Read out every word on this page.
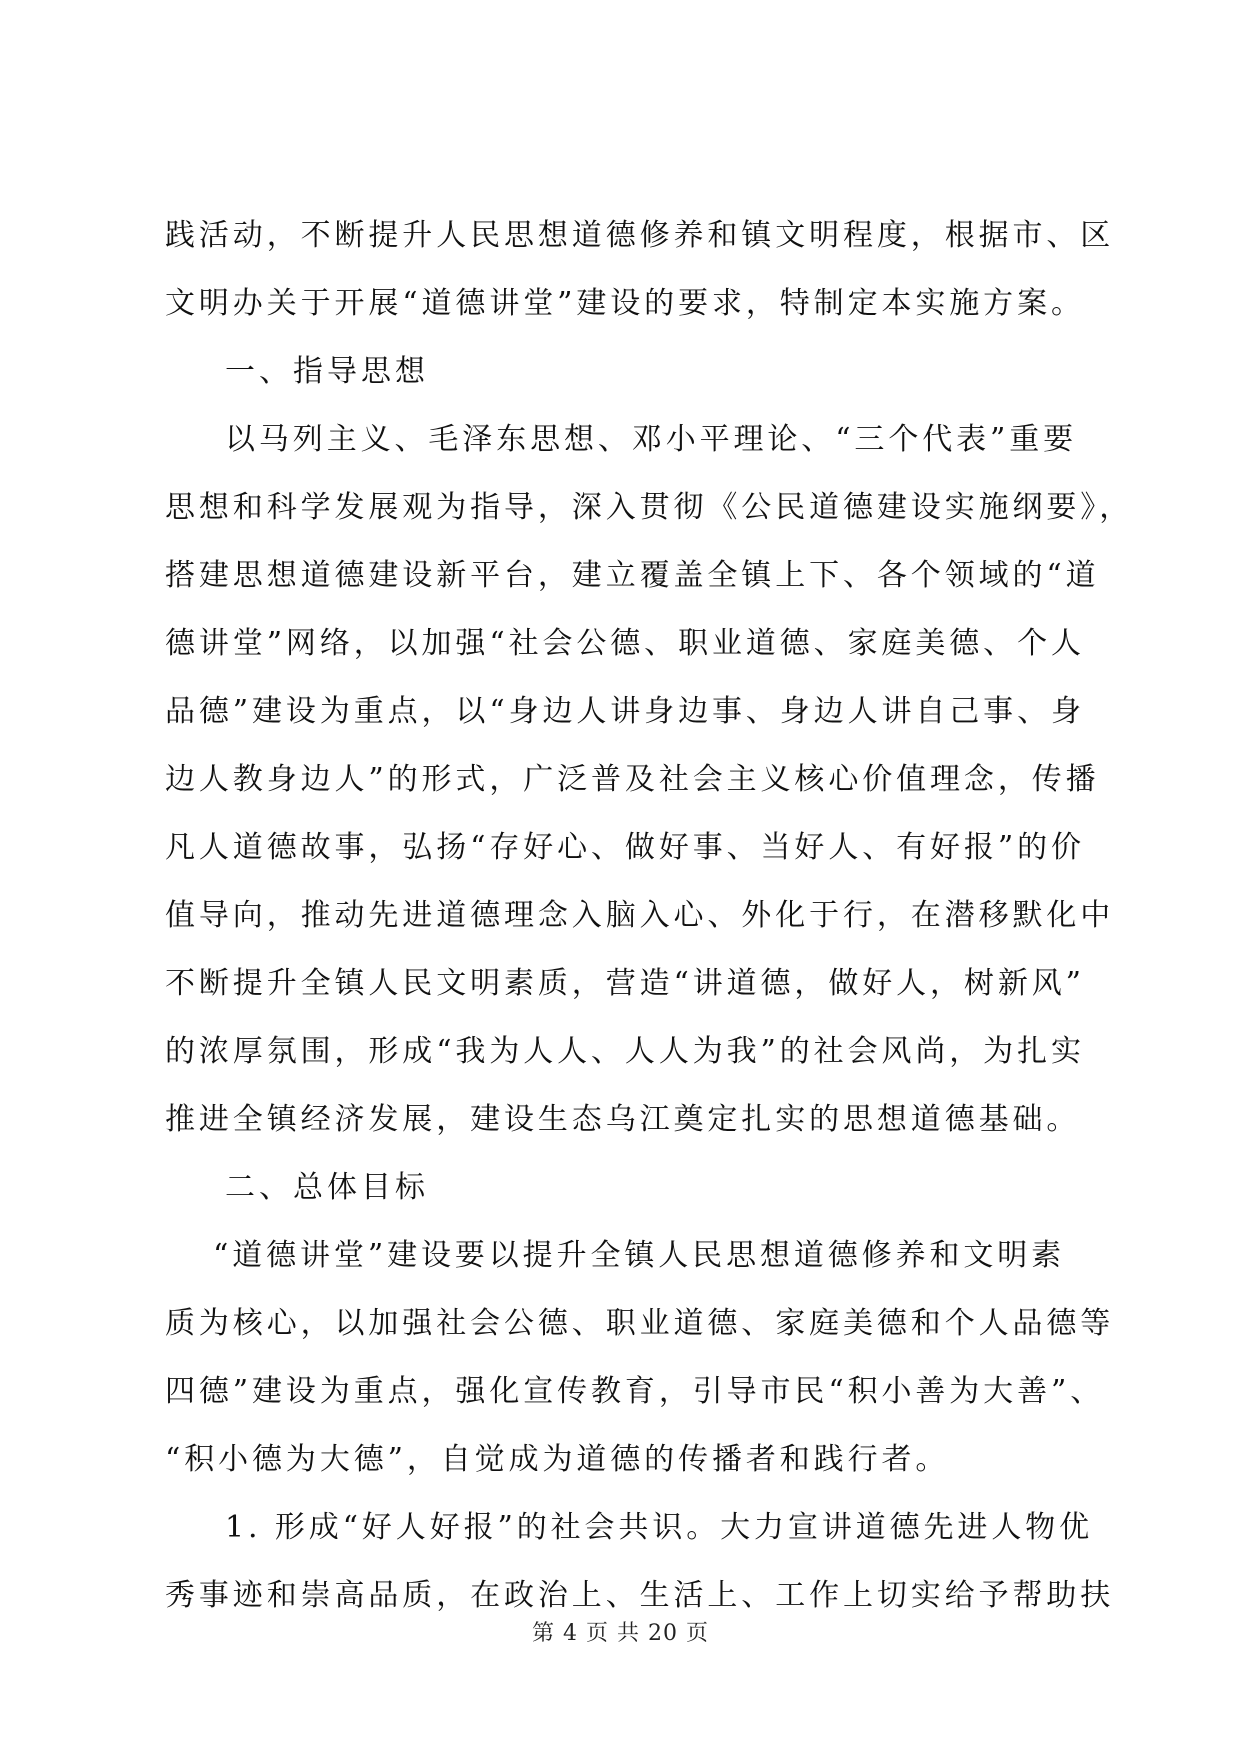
践活动，不断提升人民思想道德修养和镇文明程度，根据市、区
文明办关于开展“道德讲堂”建设的要求，特制定本实施方案。
一、指导思想
以马列主义、毛泽东思想、邓小平理论、“三个代表”重要
思想和科学发展观为指导，深入贯彻《公民道德建设实施纲要》，
搭建思想道德建设新平台，建立覆盖全镇上下、各个领域的“道
德讲堂”网络，以加强“社会公德、职业道德、家庭美德、个人
品德”建设为重点，以“身边人讲身边事、身边人讲自己事、身
边人教身边人”的形式，广泛普及社会主义核心价值理念，传播
凡人道德故事，弘扬“存好心、做好事、当好人、有好报”的价
值导向，推动先进道德理念入脑入心、外化于行，在潜移默化中
不断提升全镇人民文明素质，营造“讲道德，做好人，树新风”
的浓厚氛围，形成“我为人人、人人为我”的社会风尚，为扎实
推进全镇经济发展，建设生态乌江奠定扎实的思想道德基础。
二、总体目标
“道德讲堂”建设要以提升全镇人民思想道德修养和文明素
质为核心，以加强社会公德、职业道德、家庭美德和个人品德等
四德”建设为重点，强化宣传教育，引导市民“积小善为大善”、
“积小德为大德”，自觉成为道德的传播者和践行者。
1. 形成“好人好报”的社会共识。大力宣讲道德先进人物优
秀事迹和崇高品质，在政治上、生活上、工作上切实给予帮助扶
第 4 页 共 20 页
